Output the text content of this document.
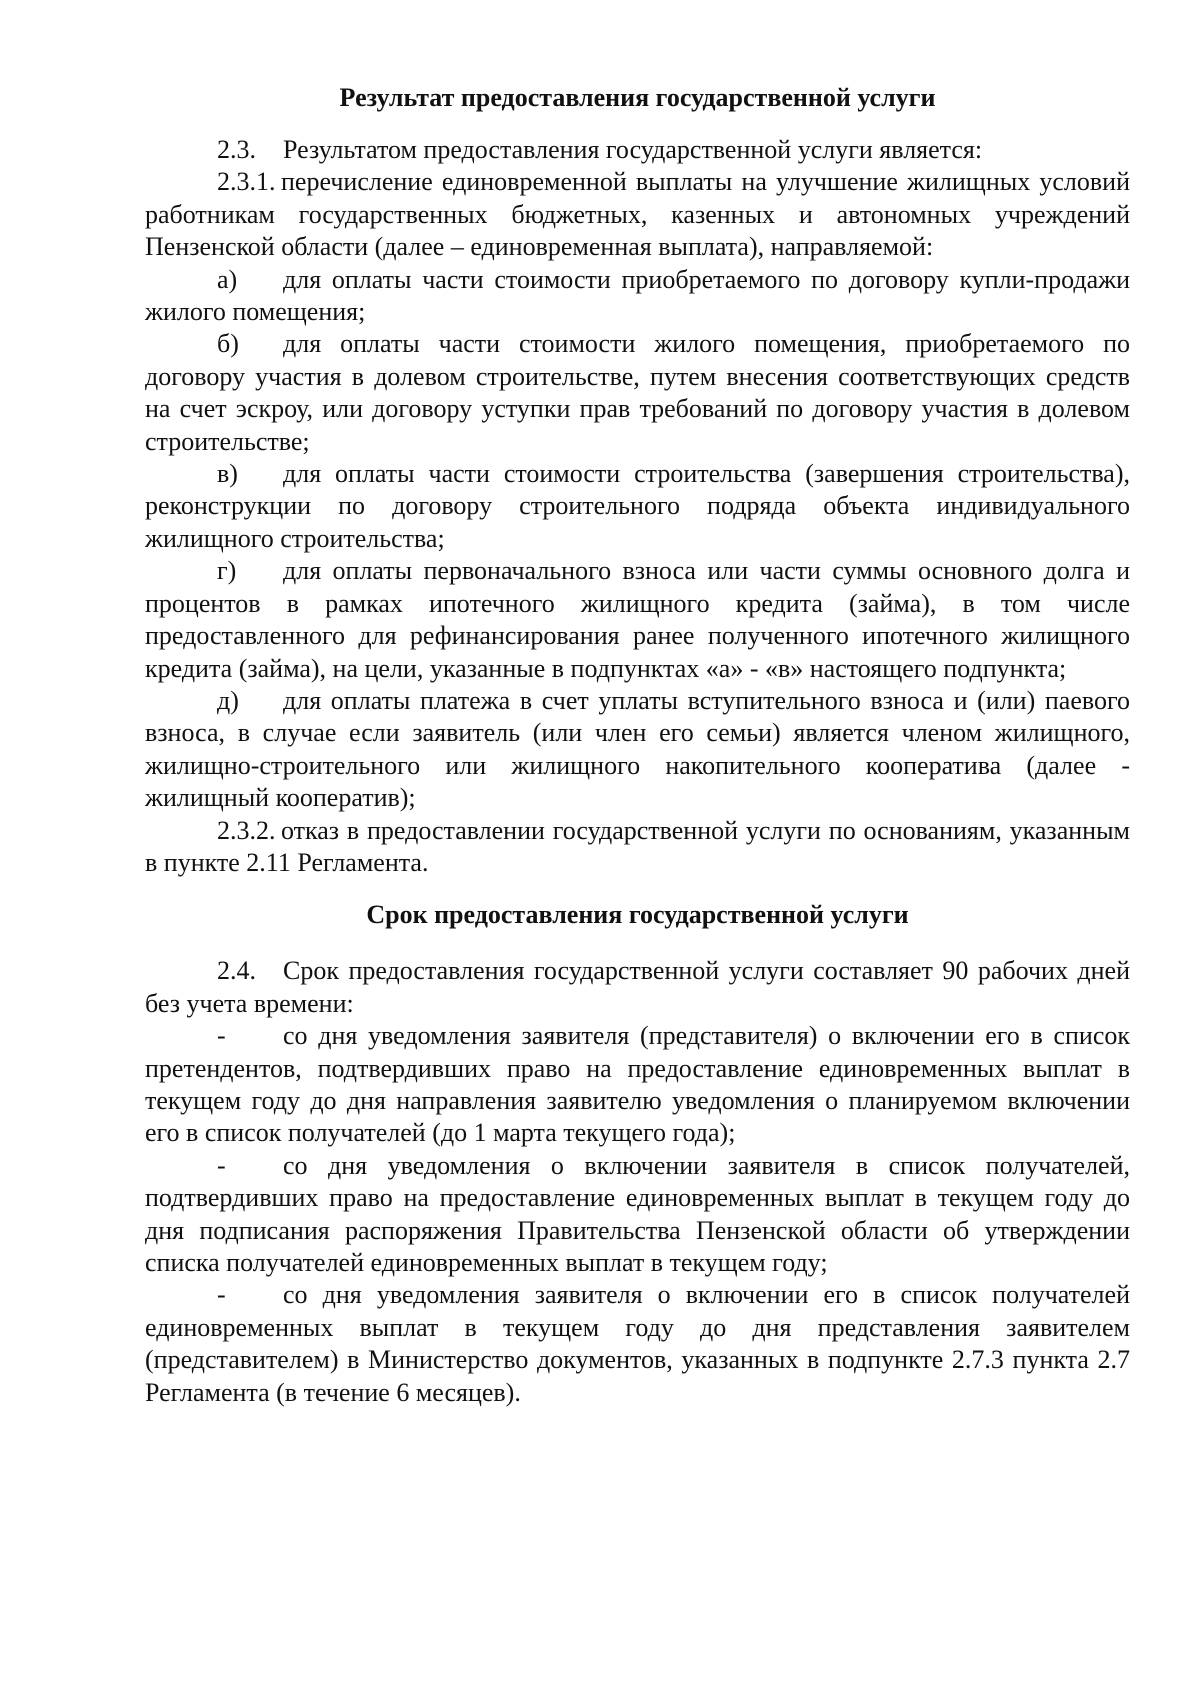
Результат предоставления государственной услуги

2.3. Результатом предоставления государственной услуги является:

2.3.1. перечисление единовременной выплаты на улучшение жилищных условий работникам государственных бюджетных, казенных и автономных учреждений Пензенской области (далее – единовременная выплата), направляемой:

а) для оплаты части стоимости приобретаемого по договору купли-продажи жилого помещения;

б) для оплаты части стоимости жилого помещения, приобретаемого по договору участия в долевом строительстве, путем внесения соответствующих средств на счет эскроу, или договору уступки прав требований по договору участия в долевом строительстве;

в) для оплаты части стоимости строительства (завершения строительства), реконструкции по договору строительного подряда объекта индивидуального жилищного строительства;

г) для оплаты первоначального взноса или части суммы основного долга и процентов в рамках ипотечного жилищного кредита (займа), в том числе предоставленного для рефинансирования ранее полученного ипотечного жилищного кредита (займа), на цели, указанные в подпунктах «а» - «в» настоящего подпункта;

д) для оплаты платежа в счет уплаты вступительного взноса и (или) паевого взноса, в случае если заявитель (или член его семьи) является членом жилищного, жилищно-строительного или жилищного накопительного кооператива (далее - жилищный кооператив);

2.3.2. отказ в предоставлении государственной услуги по основаниям, указанным в пункте 2.11 Регламента.

Срок предоставления государственной услуги

2.4. Срок предоставления государственной услуги составляет 90 рабочих дней без учета времени:

- со дня уведомления заявителя (представителя) о включении его в список претендентов, подтвердивших право на предоставление единовременных выплат в текущем году до дня направления заявителю уведомления о планируемом включении его в список получателей (до 1 марта текущего года);

- со дня уведомления о включении заявителя в список получателей, подтвердивших право на предоставление единовременных выплат в текущем году до дня подписания распоряжения Правительства Пензенской области об утверждении списка получателей единовременных выплат в текущем году;

- со дня уведомления заявителя о включении его в список получателей единовременных выплат в текущем году до дня представления заявителем (представителем) в Министерство документов, указанных в подпункте 2.7.3 пункта 2.7 Регламента (в течение 6 месяцев).
